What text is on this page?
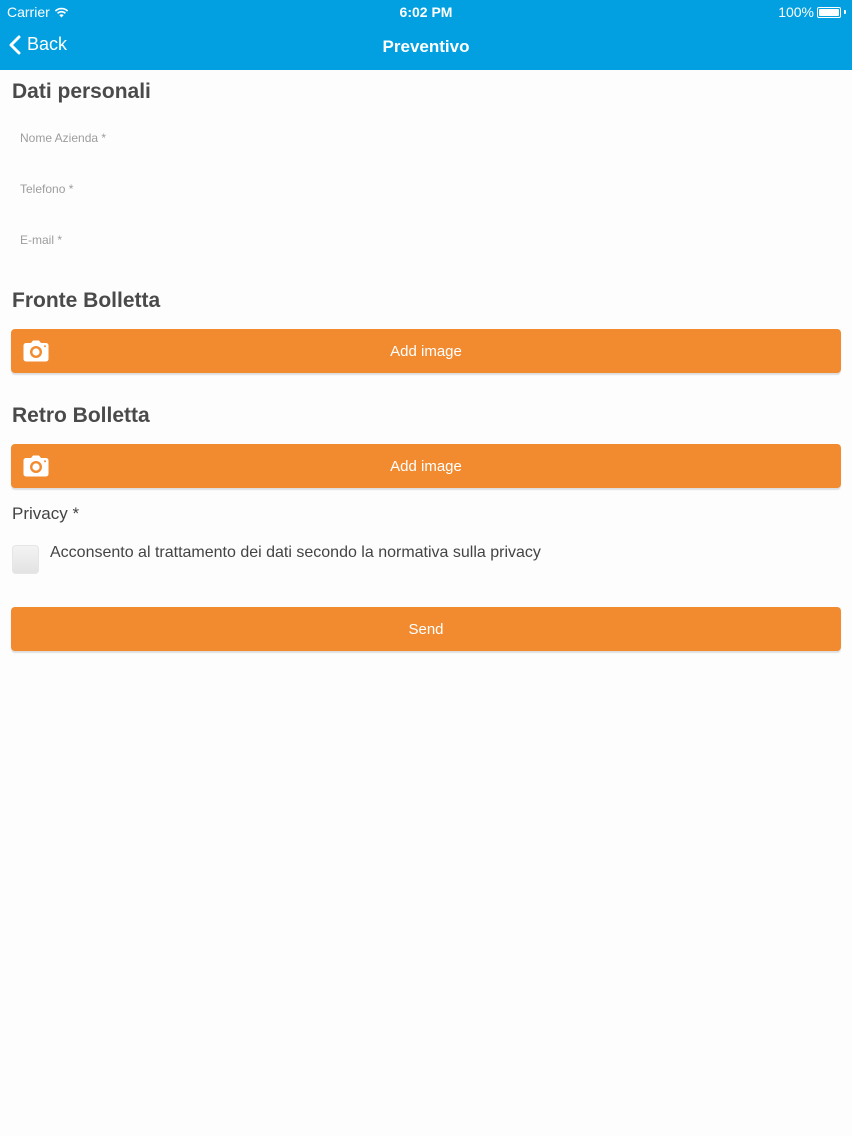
Carrier	6:02 PM	100%
Back	Preventivo
Dati personali
Nome Azienda *
Telefono *
E-mail *
Fronte Bolletta
Add image
Retro Bolletta
Add image
Privacy *
Acconsento al trattamento dei dati secondo la normativa sulla privacy
Send
